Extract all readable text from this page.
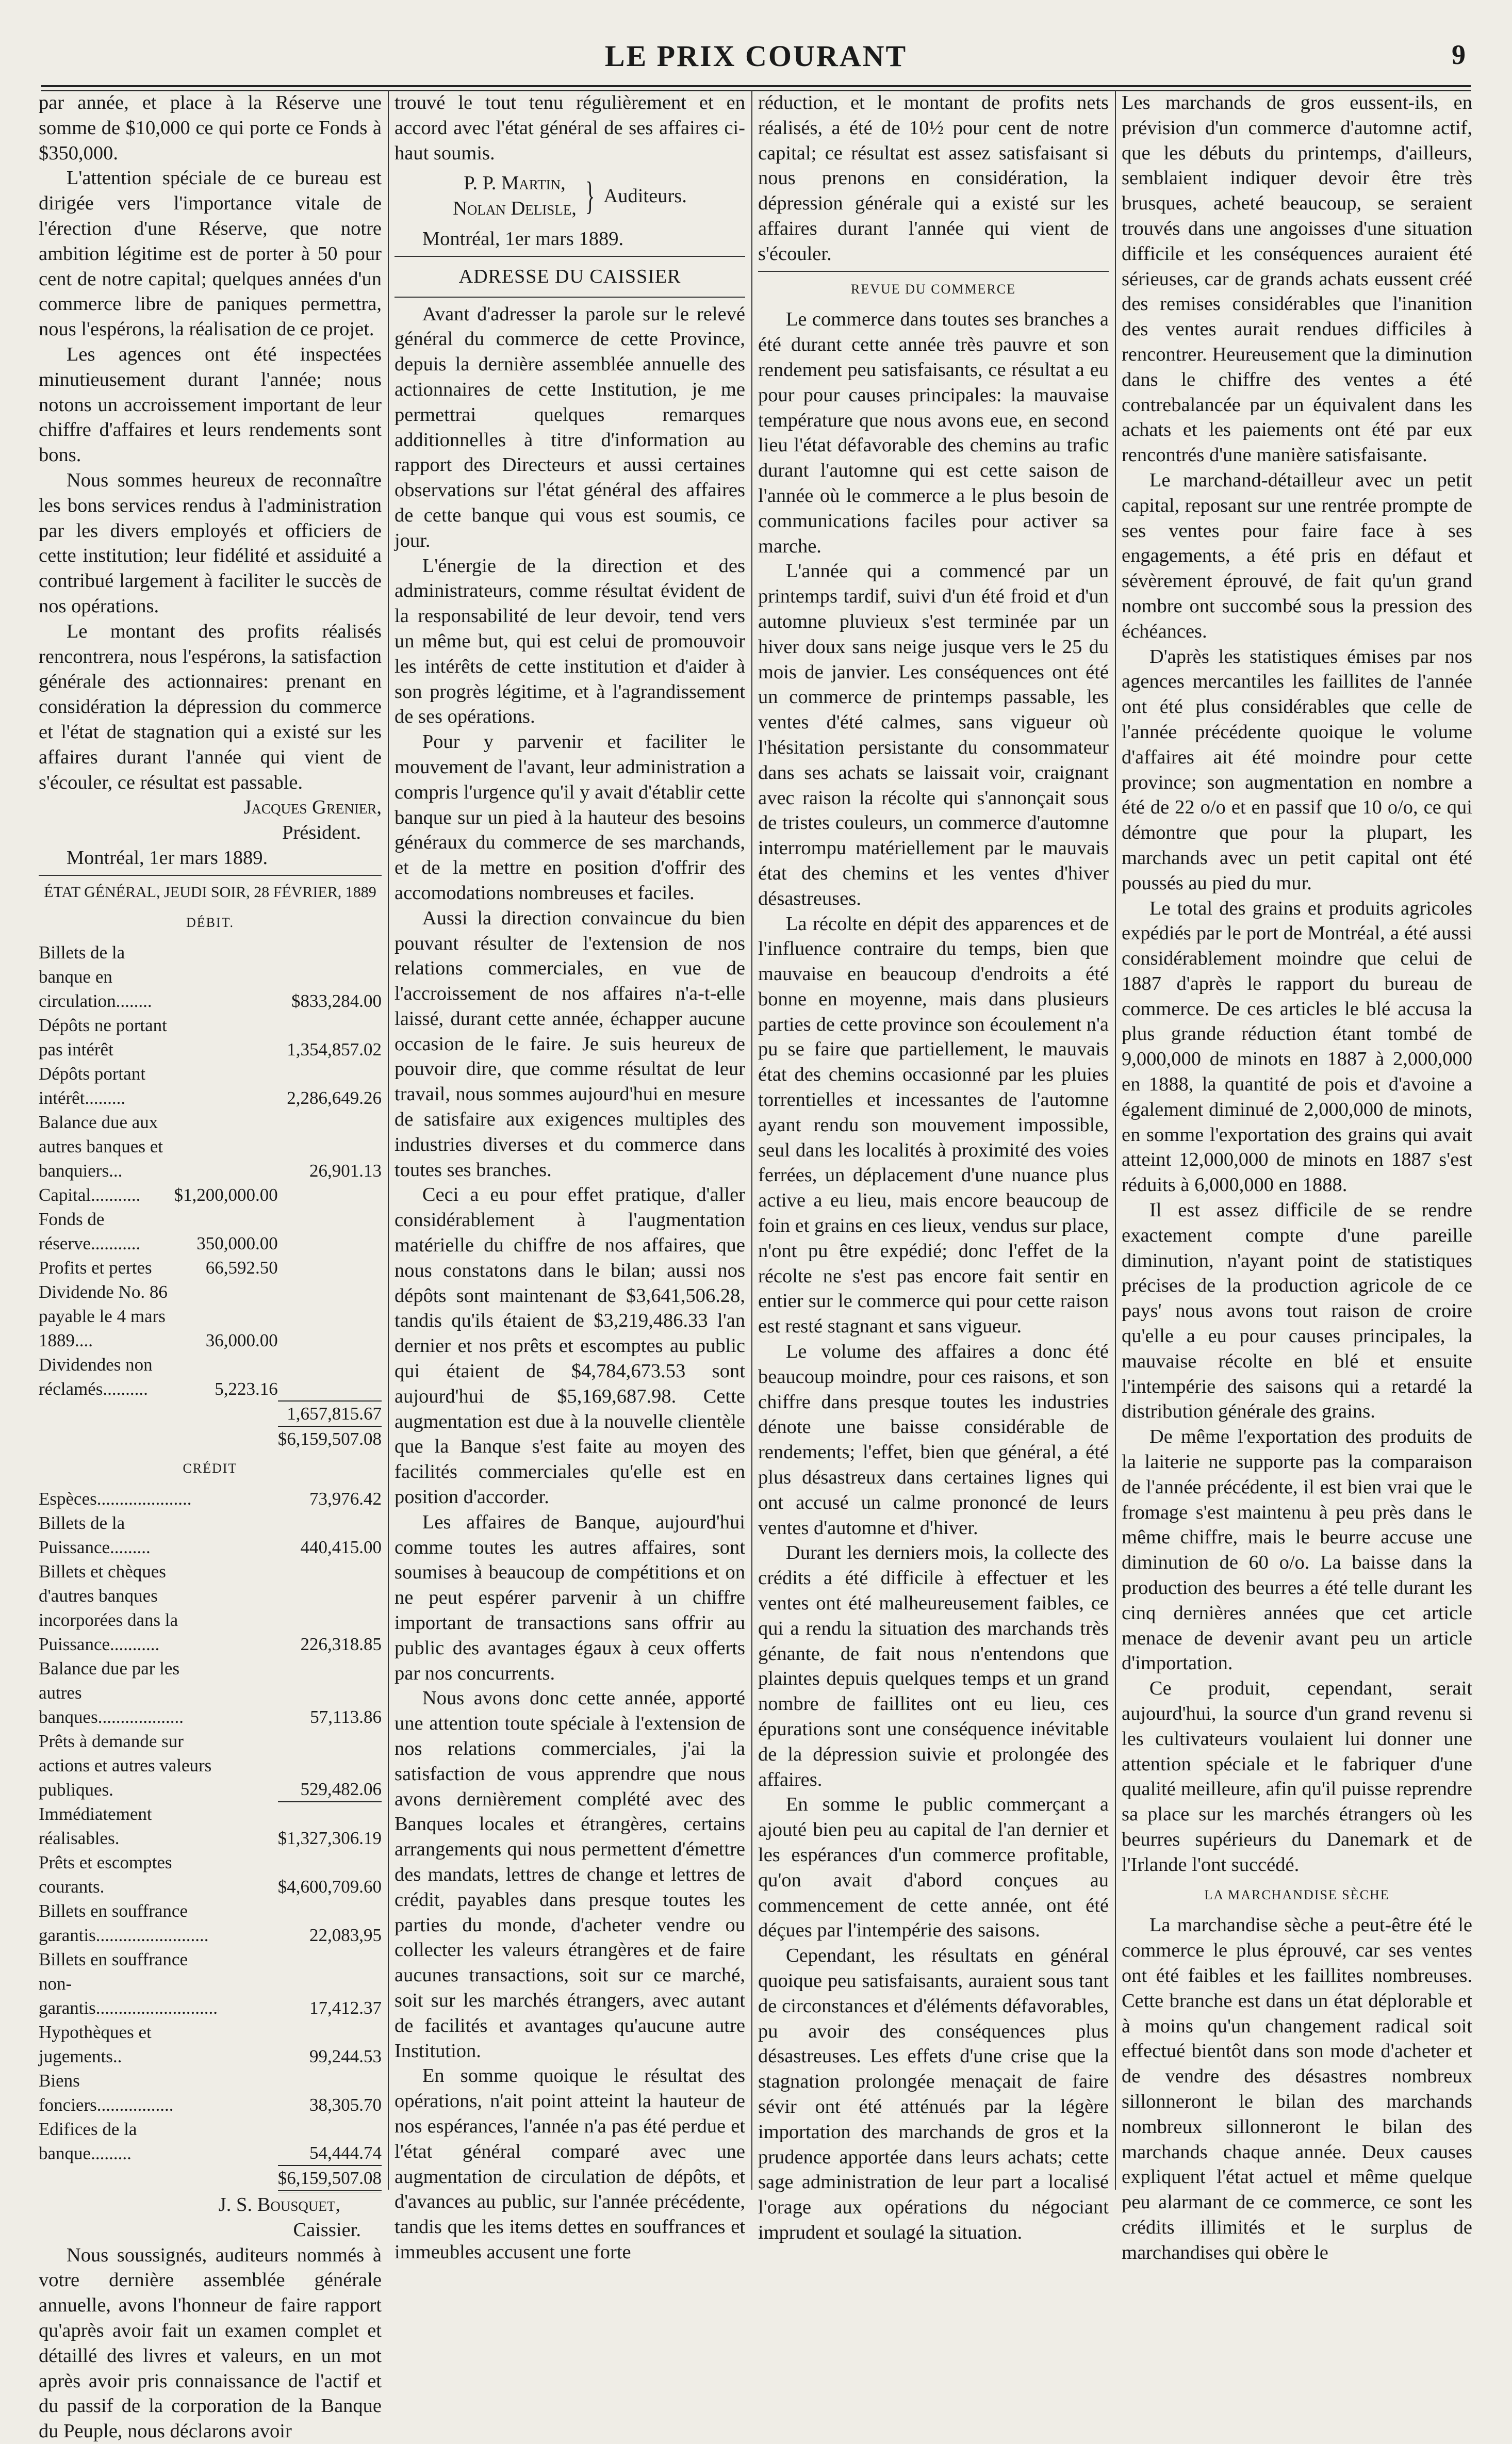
LE PRIX COURANT	9

par année, et place à la Réserve une somme de $10,000 ce qui porte ce Fonds à $350,000.

L'attention spéciale de ce bureau est dirigée vers l'importance vitale de l'érection d'une Réserve, que notre ambition légitime est de porter à 50 pour cent de notre capital; quelques années d'un commerce libre de paniques permettra, nous l'espérons, la réalisation de ce projet.

Les agences ont été inspectées minutieusement durant l'année; nous notons un accroissement important de leur chiffre d'affaires et leurs rendements sont bons.

Nous sommes heureux de reconnaître les bons services rendus à l'administration par les divers employés et officiers de cette institution; leur fidélité et assiduité a contribué largement à faciliter le succès de nos opérations.

Le montant des profits réalisés rencontrera, nous l'espérons, la satisfaction générale des actionnaires: prenant en considération la dépression du commerce et l'état de stagnation qui a existé sur les affaires durant l'année qui vient de s'écouler, ce résultat est passable.

Jacques Grenier,

Président.

Montréal, 1er mars 1889.

ÉTAT GÉNÉRAL, JEUDI SOIR, 28 FÉVRIER, 1889

DÉBIT.

Billets de la banque en circulation........		$833,284.00
Dépôts ne portant pas intérêt		1,354,857.02
Dépôts portant intérêt.........		2,286,649.26
Balance due aux autres banques et banquiers...		26,901.13
Capital...........	$1,200,000.00	
Fonds de réserve...........	350,000.00	
Profits et pertes	66,592.50	
Dividende No. 86 payable le 4 mars 1889....	36,000.00	
Dividendes non réclamés..........	5,223.16	
		1,657,815.67
		$6,159,507.08

CRÉDIT

Espèces.....................		73,976.42
Billets de la Puissance.........		440,415.00
Billets et chèques d'autres banques incorporées dans la Puissance...........		226,318.85
Balance due par les autres banques...................		57,113.86
Prêts à demande sur actions et autres valeurs publiques.		529,482.06
Immédiatement réalisables.		$1,327,306.19
Prêts et escomptes courants.		$4,600,709.60
Billets en souffrance garantis.........................		22,083,95
Billets en souffrance non-garantis...........................		17,412.37
Hypothèques et jugements..		99,244.53
Biens fonciers.................		38,305.70
Edifices de la banque.........		54,444.74
		$6,159,507.08

J. S. Bousquet,

Caissier.

Nous soussignés, auditeurs nommés à votre dernière assemblée générale annuelle, avons l'honneur de faire rapport qu'après avoir fait un examen complet et détaillé des livres et valeurs, en un mot après avoir pris connaissance de l'actif et du passif de la corporation de la Banque du Peuple, nous déclarons avoir

trouvé le tout tenu régulièrement et en accord avec l'état général de ses affaires ci-haut soumis.

P. P. Martin,
Nolan Delisle, } Auditeurs.

Montréal, 1er mars 1889.

ADRESSE DU CAISSIER

Avant d'adresser la parole sur le relevé général du commerce de cette Province, depuis la dernière assemblée annuelle des actionnaires de cette Institution, je me permettrai quelques remarques additionnelles à titre d'information au rapport des Directeurs et aussi certaines observations sur l'état général des affaires de cette banque qui vous est soumis, ce jour.

L'énergie de la direction et des administrateurs, comme résultat évident de la responsabilité de leur devoir, tend vers un même but, qui est celui de promouvoir les intérêts de cette institution et d'aider à son progrès légitime, et à l'agrandissement de ses opérations.

Pour y parvenir et faciliter le mouvement de l'avant, leur administration a compris l'urgence qu'il y avait d'établir cette banque sur un pied à la hauteur des besoins généraux du commerce de ses marchands, et de la mettre en position d'offrir des accomodations nombreuses et faciles.

Aussi la direction convaincue du bien pouvant résulter de l'extension de nos relations commerciales, en vue de l'accroissement de nos affaires n'a-t-elle laissé, durant cette année, échapper aucune occasion de le faire. Je suis heureux de pouvoir dire, que comme résultat de leur travail, nous sommes aujourd'hui en mesure de satisfaire aux exigences multiples des industries diverses et du commerce dans toutes ses branches.

Ceci a eu pour effet pratique, d'aller considérablement à l'augmentation matérielle du chiffre de nos affaires, que nous constatons dans le bilan; aussi nos dépôts sont maintenant de $3,641,506.28, tandis qu'ils étaient de $3,219,486.33 l'an dernier et nos prêts et escomptes au public qui étaient de $4,784,673.53 sont aujourd'hui de $5,169,687.98. Cette augmentation est due à la nouvelle clientèle que la Banque s'est faite au moyen des facilités commerciales qu'elle est en position d'accorder.

Les affaires de Banque, aujourd'hui comme toutes les autres affaires, sont soumises à beaucoup de compétitions et on ne peut espérer parvenir à un chiffre important de transactions sans offrir au public des avantages égaux à ceux offerts par nos concurrents.

Nous avons donc cette année, apporté une attention toute spéciale à l'extension de nos relations commerciales, j'ai la satisfaction de vous apprendre que nous avons dernièrement complété avec des Banques locales et étrangères, certains arrangements qui nous permettent d'émettre des mandats, lettres de change et lettres de crédit, payables dans presque toutes les parties du monde, d'acheter vendre ou collecter les valeurs étrangères et de faire aucunes transactions, soit sur ce marché, soit sur les marchés étrangers, avec autant de facilités et avantages qu'aucune autre Institution.

En somme quoique le résultat des opérations, n'ait point atteint la hauteur de nos espérances, l'année n'a pas été perdue et l'état général comparé avec une augmentation de circulation de dépôts, et d'avances au public, sur l'année précédente, tandis que les items dettes en souffrances et immeubles accusent une forte

réduction, et le montant de profits nets réalisés, a été de 10½ pour cent de notre capital; ce résultat est assez satisfaisant si nous prenons en considération, la dépression générale qui a existé sur les affaires durant l'année qui vient de s'écouler.

REVUE DU COMMERCE

Le commerce dans toutes ses branches a été durant cette année très pauvre et son rendement peu satisfaisants, ce résultat a eu pour pour causes principales: la mauvaise température que nous avons eue, en second lieu l'état défavorable des chemins au trafic durant l'automne qui est cette saison de l'année où le commerce a le plus besoin de communications faciles pour activer sa marche.

L'année qui a commencé par un printemps tardif, suivi d'un été froid et d'un automne pluvieux s'est terminée par un hiver doux sans neige jusque vers le 25 du mois de janvier. Les conséquences ont été un commerce de printemps passable, les ventes d'été calmes, sans vigueur où l'hésitation persistante du consommateur dans ses achats se laissait voir, craignant avec raison la récolte qui s'annonçait sous de tristes couleurs, un commerce d'automne interrompu matériellement par le mauvais état des chemins et les ventes d'hiver désastreuses.

La récolte en dépit des apparences et de l'influence contraire du temps, bien que mauvaise en beaucoup d'endroits a été bonne en moyenne, mais dans plusieurs parties de cette province son écoulement n'a pu se faire que partiellement, le mauvais état des chemins occasionné par les pluies torrentielles et incessantes de l'automne ayant rendu son mouvement impossible, seul dans les localités à proximité des voies ferrées, un déplacement d'une nuance plus active a eu lieu, mais encore beaucoup de foin et grains en ces lieux, vendus sur place, n'ont pu être expédié; donc l'effet de la récolte ne s'est pas encore fait sentir en entier sur le commerce qui pour cette raison est resté stagnant et sans vigueur.

Le volume des affaires a donc été beaucoup moindre, pour ces raisons, et son chiffre dans presque toutes les industries dénote une baisse considérable de rendements; l'effet, bien que général, a été plus désastreux dans certaines lignes qui ont accusé un calme prononcé de leurs ventes d'automne et d'hiver.

Durant les derniers mois, la collecte des crédits a été difficile à effectuer et les ventes ont été malheureusement faibles, ce qui a rendu la situation des marchands très génante, de fait nous n'entendons que plaintes depuis quelques temps et un grand nombre de faillites ont eu lieu, ces épurations sont une conséquence inévitable de la dépression suivie et prolongée des affaires.

En somme le public commerçant a ajouté bien peu au capital de l'an dernier et les espérances d'un commerce profitable, qu'on avait d'abord conçues au commencement de cette année, ont été déçues par l'intempérie des saisons.

Cependant, les résultats en général quoique peu satisfaisants, auraient sous tant de circonstances et d'éléments défavorables, pu avoir des conséquences plus désastreuses. Les effets d'une crise que la stagnation prolongée menaçait de faire sévir ont été atténués par la légère importation des marchands de gros et la prudence apportée dans leurs achats; cette sage administration de leur part a localisé l'orage aux opérations du négociant imprudent et soulagé la situation.

Les marchands de gros eussent-ils, en prévision d'un commerce d'automne actif, que les débuts du printemps, d'ailleurs, semblaient indiquer devoir être très brusques, acheté beaucoup, se seraient trouvés dans une angoisses d'une situation difficile et les conséquences auraient été sérieuses, car de grands achats eussent créé des remises considérables que l'inanition des ventes aurait rendues difficiles à rencontrer. Heureusement que la diminution dans le chiffre des ventes a été contrebalancée par un équivalent dans les achats et les paiements ont été par eux rencontrés d'une manière satisfaisante.

Le marchand-détailleur avec un petit capital, reposant sur une rentrée prompte de ses ventes pour faire face à ses engagements, a été pris en défaut et sévèrement éprouvé, de fait qu'un grand nombre ont succombé sous la pression des échéances.

D'après les statistiques émises par nos agences mercantiles les faillites de l'année ont été plus considérables que celle de l'année précédente quoique le volume d'affaires ait été moindre pour cette province; son augmentation en nombre a été de 22 o/o et en passif que 10 o/o, ce qui démontre que pour la plupart, les marchands avec un petit capital ont été poussés au pied du mur.

Le total des grains et produits agricoles expédiés par le port de Montréal, a été aussi considérablement moindre que celui de 1887 d'après le rapport du bureau de commerce. De ces articles le blé accusa la plus grande réduction étant tombé de 9,000,000 de minots en 1887 à 2,000,000 en 1888, la quantité de pois et d'avoine a également diminué de 2,000,000 de minots, en somme l'exportation des grains qui avait atteint 12,000,000 de minots en 1887 s'est réduits à 6,000,000 en 1888.

Il est assez difficile de se rendre exactement compte d'une pareille diminution, n'ayant point de statistiques précises de la production agricole de ce pays' nous avons tout raison de croire qu'elle a eu pour causes principales, la mauvaise récolte en blé et ensuite l'intempérie des saisons qui a retardé la distribution générale des grains.

De même l'exportation des produits de la laiterie ne supporte pas la comparaison de l'année précédente, il est bien vrai que le fromage s'est maintenu à peu près dans le même chiffre, mais le beurre accuse une diminution de 60 o/o. La baisse dans la production des beurres a été telle durant les cinq dernières années que cet article menace de devenir avant peu un article d'importation.

Ce produit, cependant, serait aujourd'hui, la source d'un grand revenu si les cultivateurs voulaient lui donner une attention spéciale et le fabriquer d'une qualité meilleure, afin qu'il puisse reprendre sa place sur les marchés étrangers où les beurres supérieurs du Danemark et de l'Irlande l'ont succédé.

LA MARCHANDISE SÈCHE

La marchandise sèche a peut-être été le commerce le plus éprouvé, car ses ventes ont été faibles et les faillites nombreuses. Cette branche est dans un état déplorable et à moins qu'un changement radical soit effectué bientôt dans son mode d'acheter et de vendre des désastres nombreux sillonneront le bilan des marchands nombreux sillonneront le bilan des marchands chaque année. Deux causes expliquent l'état actuel et même quelque peu alarmant de ce commerce, ce sont les crédits illimités et le surplus de marchandises qui obère le
